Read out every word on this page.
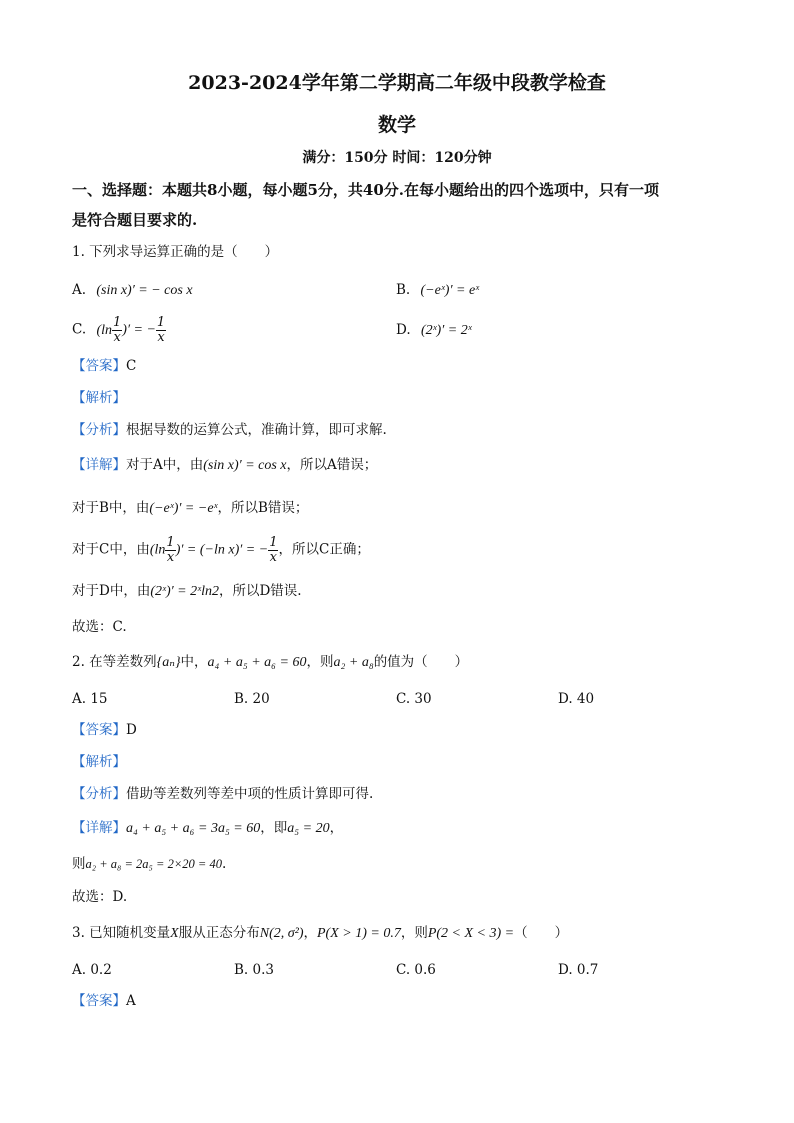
2023-2024学年第二学期高二年级中段教学检查
数学
满分：150分 时间：120分钟
一、选择题：本题共8小题，每小题5分，共40分.在每小题给出的四个选项中，只有一项
是符合题目要求的.
1. 下列求导运算正确的是（　　）
A. (sin x)′ = − cos x	B. (−eˣ)′ = eˣ
C. ($\ln \frac{1}{x}$ )′ = − $\frac{1}{x}$	D. (2ˣ)′ = 2ˣ
【答案】C
【解析】
【分析】根据导数的运算公式，准确计算，即可求解.
【详解】对于A中，由(sin x)′ = cos x，所以A错误；
对于B中，由(−eˣ)′ = −eˣ，所以B错误；
对于C中，由($\ln \frac{1}{x}$ )′ = (−ln x)′ = − $\frac{1}{x}$ ，所以C正确；
对于D中，由(2ˣ)′ = 2ˣln2，所以D错误.
故选：C.
2. 在等差数列{aₙ}中，a₄ + a₅ + a₆ = 60，则a₂ + a₈的值为（　　）
A. 15	B. 20	C. 30	D. 40
【答案】D
【解析】
【分析】借助等差数列等差中项的性质计算即可得.
【详解】a₄ + a₅ + a₆ = 3a₅ = 60，即a₅ = 20，
则a₂ + a₈ = 2a₅ = 2×20 = 40.
故选：D.
3. 已知随机变量X服从正态分布N(2, σ²)，P(X > 1) = 0.7，则P(2 < X < 3) =（　　）
A. 0.2	B. 0.3	C. 0.6	D. 0.7
【答案】A
